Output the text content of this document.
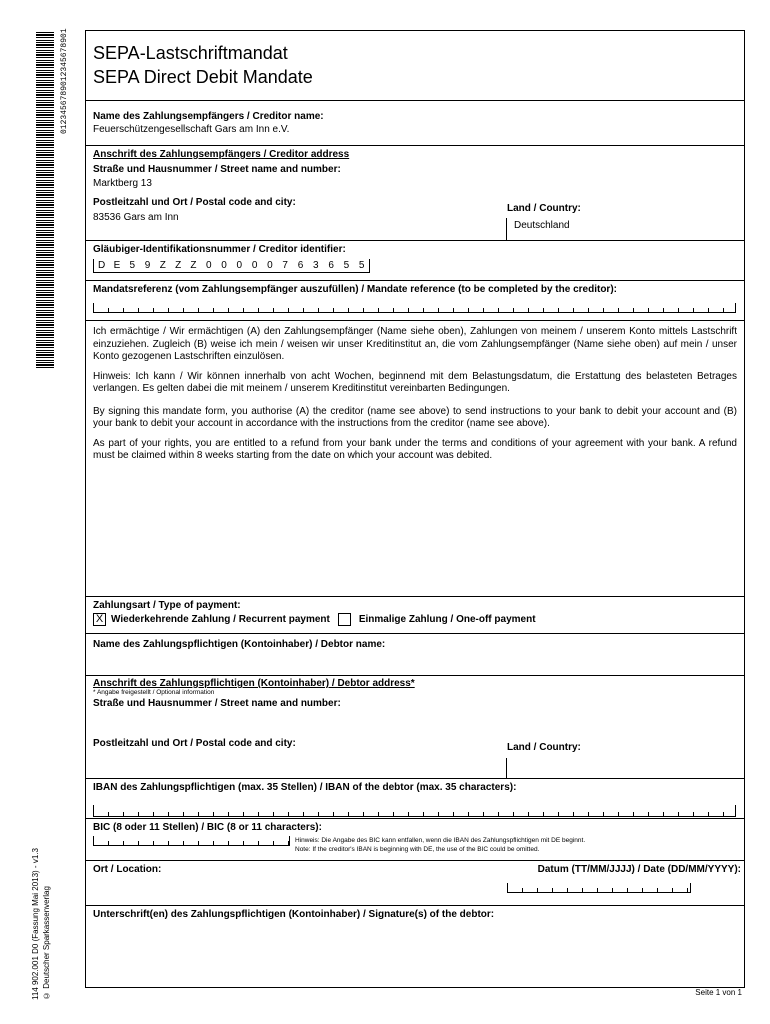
0123456789012345678901
114 902.001 D0 (Fassung Mai 2013) - v1.3 © Deutscher Sparkassenverlag
SEPA-Lastschriftmandat
SEPA Direct Debit Mandate
Name des Zahlungsempfängers / Creditor name:
Feuerschützengesellschaft Gars am Inn e.V.
Anschrift des Zahlungsempfängers / Creditor address
Straße und Hausnummer / Street name and number:
Marktberg 13
Postleitzahl und Ort / Postal code and city:
83536 Gars am Inn
Land / Country:
Deutschland
Gläubiger-Identifikationsnummer / Creditor identifier:
D E 5 9 Z Z Z 0 0 0 0 0 7 6 3 6 5 5
Mandatsreferenz (vom Zahlungsempfänger auszufüllen) / Mandate reference (to be completed by the creditor):

Ich ermächtige / Wir ermächtigen (A) den Zahlungsempfänger (Name siehe oben), Zahlungen von meinem / unserem Konto mittels Lastschrift einzuziehen. Zugleich (B) weise ich mein / weisen wir unser Kreditinstitut an, die vom Zahlungsempfänger (Name siehe oben) auf mein / unser Konto gezogenen Lastschriften einzulösen.

Hinweis: Ich kann / Wir können innerhalb von acht Wochen, beginnend mit dem Belastungsdatum, die Erstattung des belasteten Betrages verlangen. Es gelten dabei die mit meinem / unserem Kreditinstitut vereinbarten Bedingungen.

By signing this mandate form, you authorise (A) the creditor (name see above) to send instructions to your bank to debit your account and (B) your bank to debit your account in accordance with the instructions from the creditor (name see above).

As part of your rights, you are entitled to a refund from your bank under the terms and conditions of your agreement with your bank. A refund must be claimed within 8 weeks starting from the date on which your account was debited.

Zahlungsart / Type of payment:
X Wiederkehrende Zahlung / Recurrent payment	Einmalige Zahlung / One-off payment
Name des Zahlungspflichtigen (Kontoinhaber) / Debtor name:
Anschrift des Zahlungspflichtigen (Kontoinhaber) / Debtor address*
* Angabe freigestellt / Optional information
Straße und Hausnummer / Street name and number:
Postleitzahl und Ort / Postal code and city:	Land / Country:
IBAN des Zahlungspflichtigen (max. 35 Stellen) / IBAN of the debtor (max. 35 characters):
BIC (8 oder 11 Stellen) / BIC (8 or 11 characters):
Hinweis: Die Angabe des BIC kann entfallen, wenn die IBAN des Zahlungspflichtigen mit DE beginnt.
Note: If the creditor's IBAN is beginning with DE, the use of the BIC could be omitted.
Ort / Location:	Datum (TT/MM/JJJJ) / Date (DD/MM/YYYY):
Unterschrift(en) des Zahlungspflichtigen (Kontoinhaber) / Signature(s) of the debtor:
Seite 1 von 1
